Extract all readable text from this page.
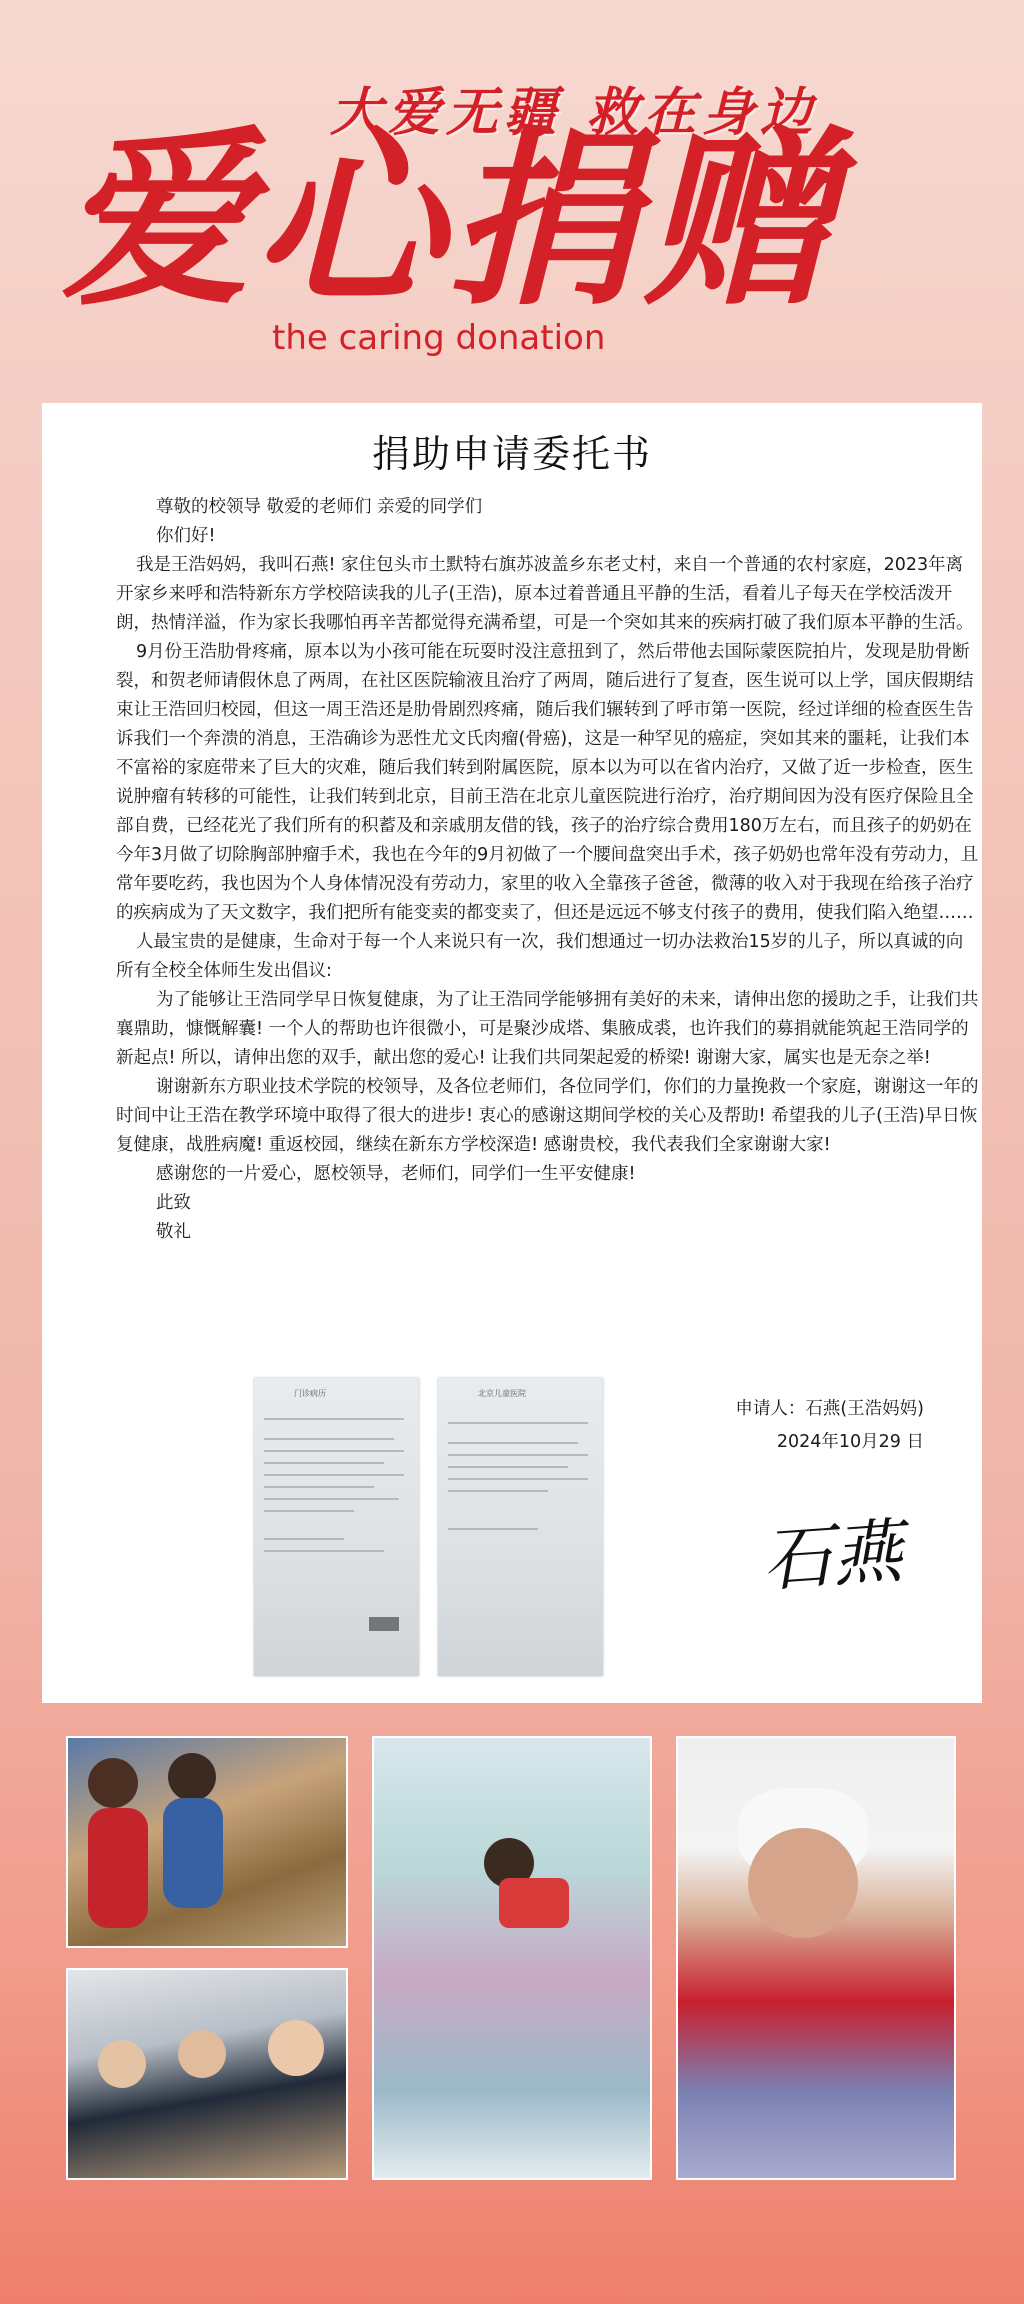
大爱无疆 救在身边
爱心捐赠
the caring donation
捐助申请委托书

尊敬的校领导 敬爱的老师们 亲爱的同学们

你们好!

我是王浩妈妈，我叫石燕! 家住包头市土默特右旗苏波盖乡东老丈村，来自一个普通的农村家庭，2023年离开家乡来呼和浩特新东方学校陪读我的儿子(王浩)，原本过着普通且平静的生活，看着儿子每天在学校活泼开朗，热情洋溢，作为家长我哪怕再辛苦都觉得充满希望，可是一个突如其来的疾病打破了我们原本平静的生活。

9月份王浩肋骨疼痛，原本以为小孩可能在玩耍时没注意扭到了，然后带他去国际蒙医院拍片，发现是肋骨断裂，和贺老师请假休息了两周，在社区医院输液且治疗了两周，随后进行了复查，医生说可以上学，国庆假期结束让王浩回归校园，但这一周王浩还是肋骨剧烈疼痛，随后我们辗转到了呼市第一医院，经过详细的检查医生告诉我们一个奔溃的消息，王浩确诊为恶性尤文氏肉瘤(骨癌)，这是一种罕见的癌症，突如其来的噩耗，让我们本不富裕的家庭带来了巨大的灾难，随后我们转到附属医院，原本以为可以在省内治疗，又做了近一步检查，医生说肿瘤有转移的可能性，让我们转到北京，目前王浩在北京儿童医院进行治疗，治疗期间因为没有医疗保险且全部自费，已经花光了我们所有的积蓄及和亲戚朋友借的钱，孩子的治疗综合费用180万左右，而且孩子的奶奶在今年3月做了切除胸部肿瘤手术，我也在今年的9月初做了一个腰间盘突出手术，孩子奶奶也常年没有劳动力，且常年要吃药，我也因为个人身体情况没有劳动力，家里的收入全靠孩子爸爸，微薄的收入对于我现在给孩子治疗的疾病成为了天文数字，我们把所有能变卖的都变卖了，但还是远远不够支付孩子的费用，使我们陷入绝望……

人最宝贵的是健康，生命对于每一个人来说只有一次，我们想通过一切办法救治15岁的儿子，所以真诚的向所有全校全体师生发出倡议:

为了能够让王浩同学早日恢复健康，为了让王浩同学能够拥有美好的未来，请伸出您的援助之手，让我们共襄鼎助，慷慨解囊! 一个人的帮助也许很微小，可是聚沙成塔、集腋成裘，也许我们的募捐就能筑起王浩同学的新起点! 所以，请伸出您的双手，献出您的爱心! 让我们共同架起爱的桥梁! 谢谢大家，属实也是无奈之举!

谢谢新东方职业技术学院的校领导，及各位老师们，各位同学们，你们的力量挽救一个家庭，谢谢这一年的时间中让王浩在教学环境中取得了很大的进步! 衷心的感谢这期间学校的关心及帮助! 希望我的儿子(王浩)早日恢复健康，战胜病魔! 重返校园，继续在新东方学校深造! 感谢贵校，我代表我们全家谢谢大家!

感谢您的一片爱心，愿校领导，老师们，同学们一生平安健康!

此致

敬礼

门诊病历	北京儿童医院
申请人：石燕(王浩妈妈)
2024年10月29 日
石燕
